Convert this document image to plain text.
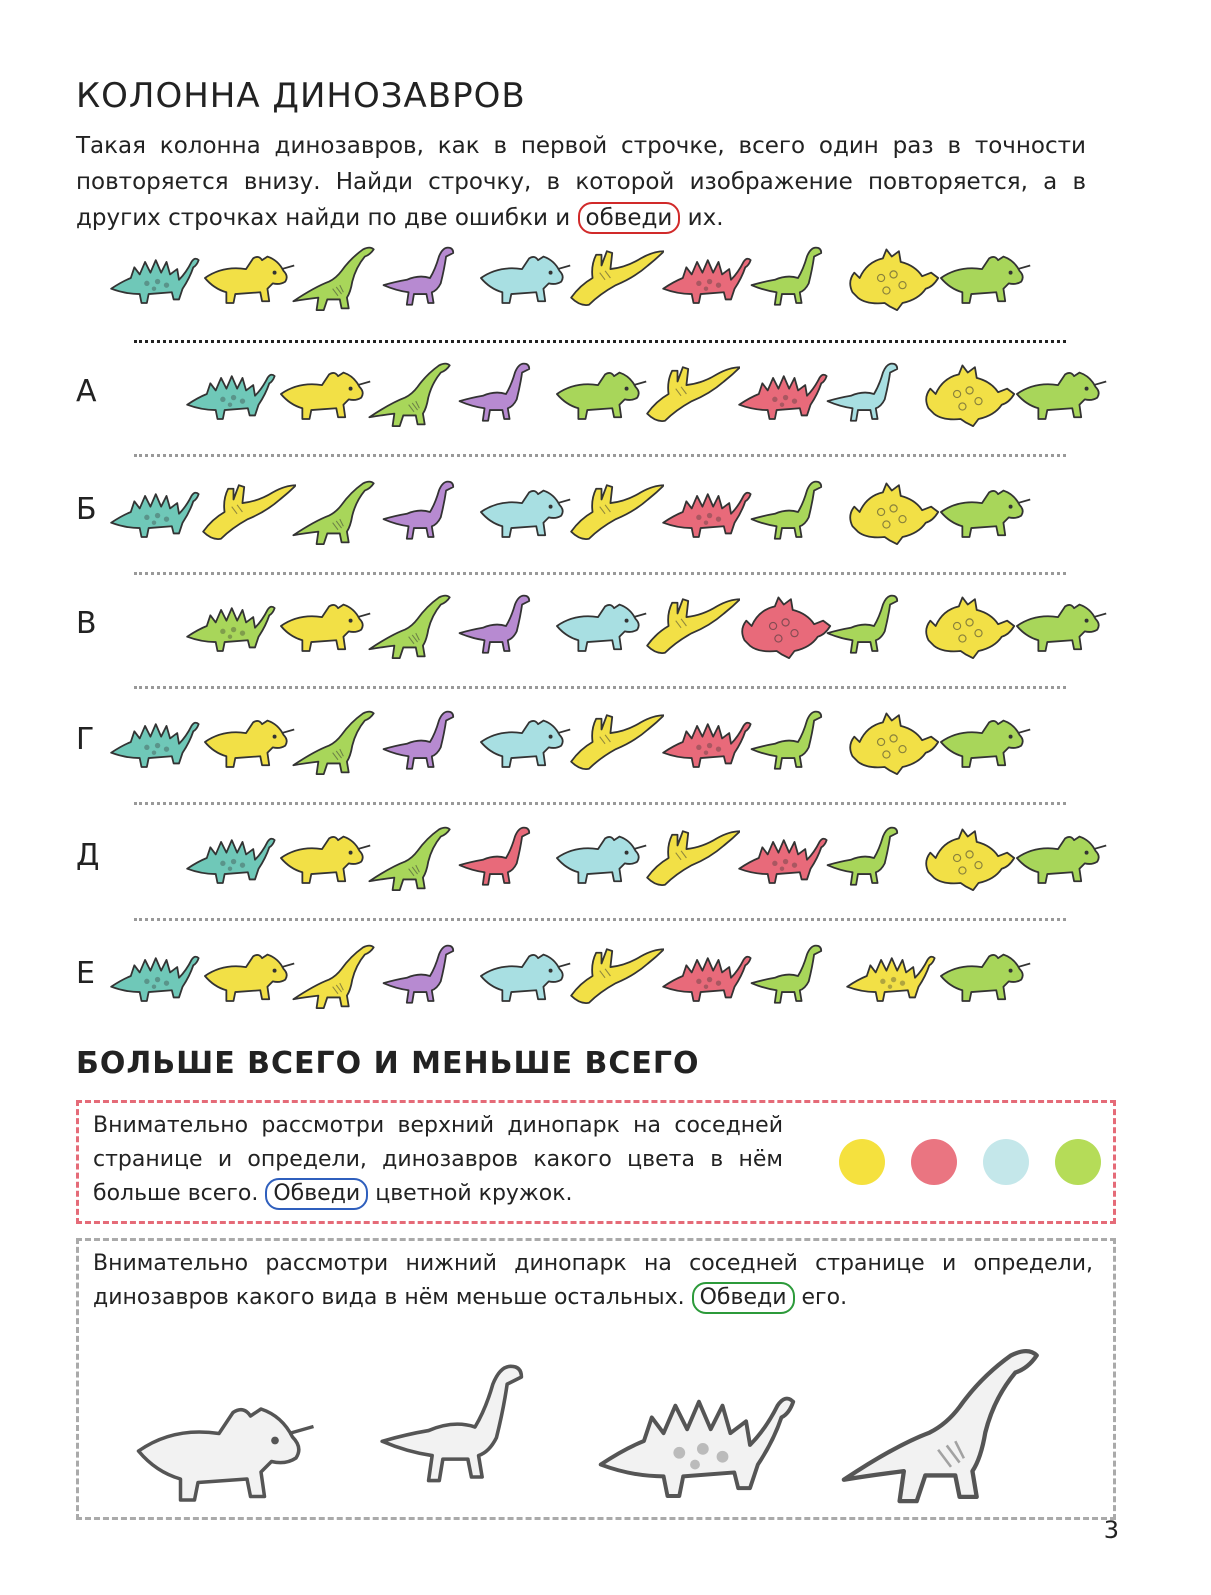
КОЛОННА ДИНОЗАВРОВ

Такая колонна динозавров, как в первой строчке, всего один раз в точности повторяется внизу. Найди строчку, в которой изображение повторяется, а в других строчках найди по две ошибки и обведи их.

А
Б
В
Г
Д
Е
БОЛЬШЕ ВСЕГО И МЕНЬШЕ ВСЕГО

Внимательно рассмотри верхний динопарк на соседней странице и определи, динозавров какого цвета в нём больше всего. Обведи цветной кружок.

Внимательно рассмотри нижний динопарк на соседней странице и определи, динозавров какого вида в нём меньше остальных. Обведи его.

3
